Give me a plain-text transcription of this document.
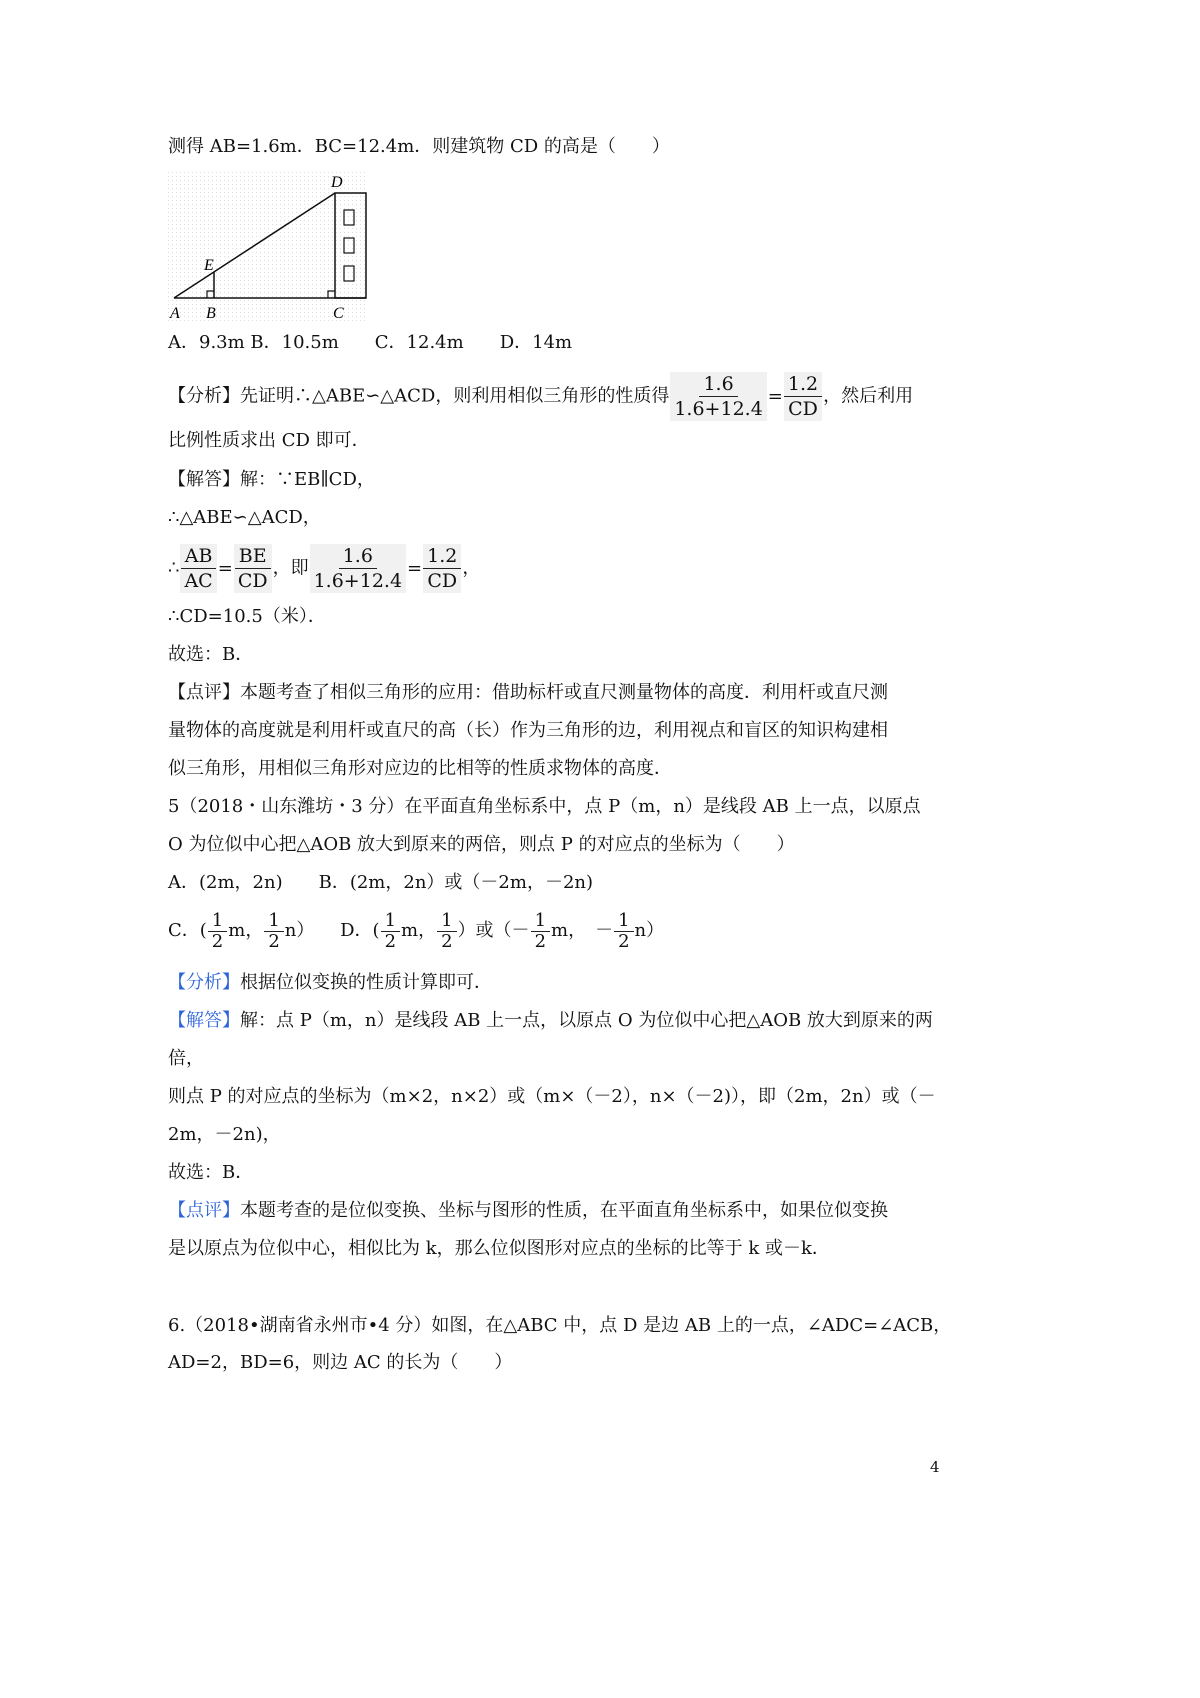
测得 AB=1.6m．BC=12.4m．则建筑物 CD 的高是（　　）
A B	C
D
E
A．9.3m B．10.5m　　C．12.4m　　D．14m
【分析】先证明∴△ABE∽△ACD，则利用相似三角形的性质得 $\frac{1.6}{1.6+12.4} = \frac{1.2}{CD}$ ，然后利用
比例性质求出 CD 即可．
【解答】解：∵EB∥CD，
∴△ABE∽△ACD，
∴ $\frac{AB}{AC} = \frac{BE}{CD}$ ，即 $\frac{1.6}{1.6+12.4} = \frac{1.2}{CD}$ ，
∴CD=10.5（米）．
故选：B．
【点评】本题考查了相似三角形的应用：借助标杆或直尺测量物体的高度．利用杆或直尺测
量物体的高度就是利用杆或直尺的高（长）作为三角形的边，利用视点和盲区的知识构建相
似三角形，用相似三角形对应边的比相等的性质求物体的高度．
5（2018・山东潍坊・3 分）在平面直角坐标系中，点 P（m，n）是线段 AB 上一点，以原点
O 为位似中心把△AOB 放大到原来的两倍，则点 P 的对应点的坐标为（　　）
A．(2m，2n)　　B．(2m，2n）或（－2m，－2n)
C．( $\frac{1}{2}$ m， $\frac{1}{2} n$） D．( $\frac{1}{2}$ m， $\frac{1}{2}$ ）或（－ $\frac{1}{2}$ m，　－ $\frac{1}{2} n$）
【分析】根据位似变换的性质计算即可．
【解答】解：点 P（m，n）是线段 AB 上一点，以原点 O 为位似中心把△AOB 放大到原来的两
倍，
则点 P 的对应点的坐标为（m×2，n×2）或（m×（－2），n×（－2)），即（2m，2n）或（－
2m，－2n)，
故选：B．
【点评】本题考查的是位似变换、坐标与图形的性质，在平面直角坐标系中，如果位似变换
是以原点为位似中心，相似比为 k，那么位似图形对应点的坐标的比等于 k 或－k．
6.（2018•湖南省永州市•4 分）如图，在△ABC 中，点 D 是边 AB 上的一点，∠ADC=∠ACB，
AD=2，BD=6，则边 AC 的长为（　　）
4
